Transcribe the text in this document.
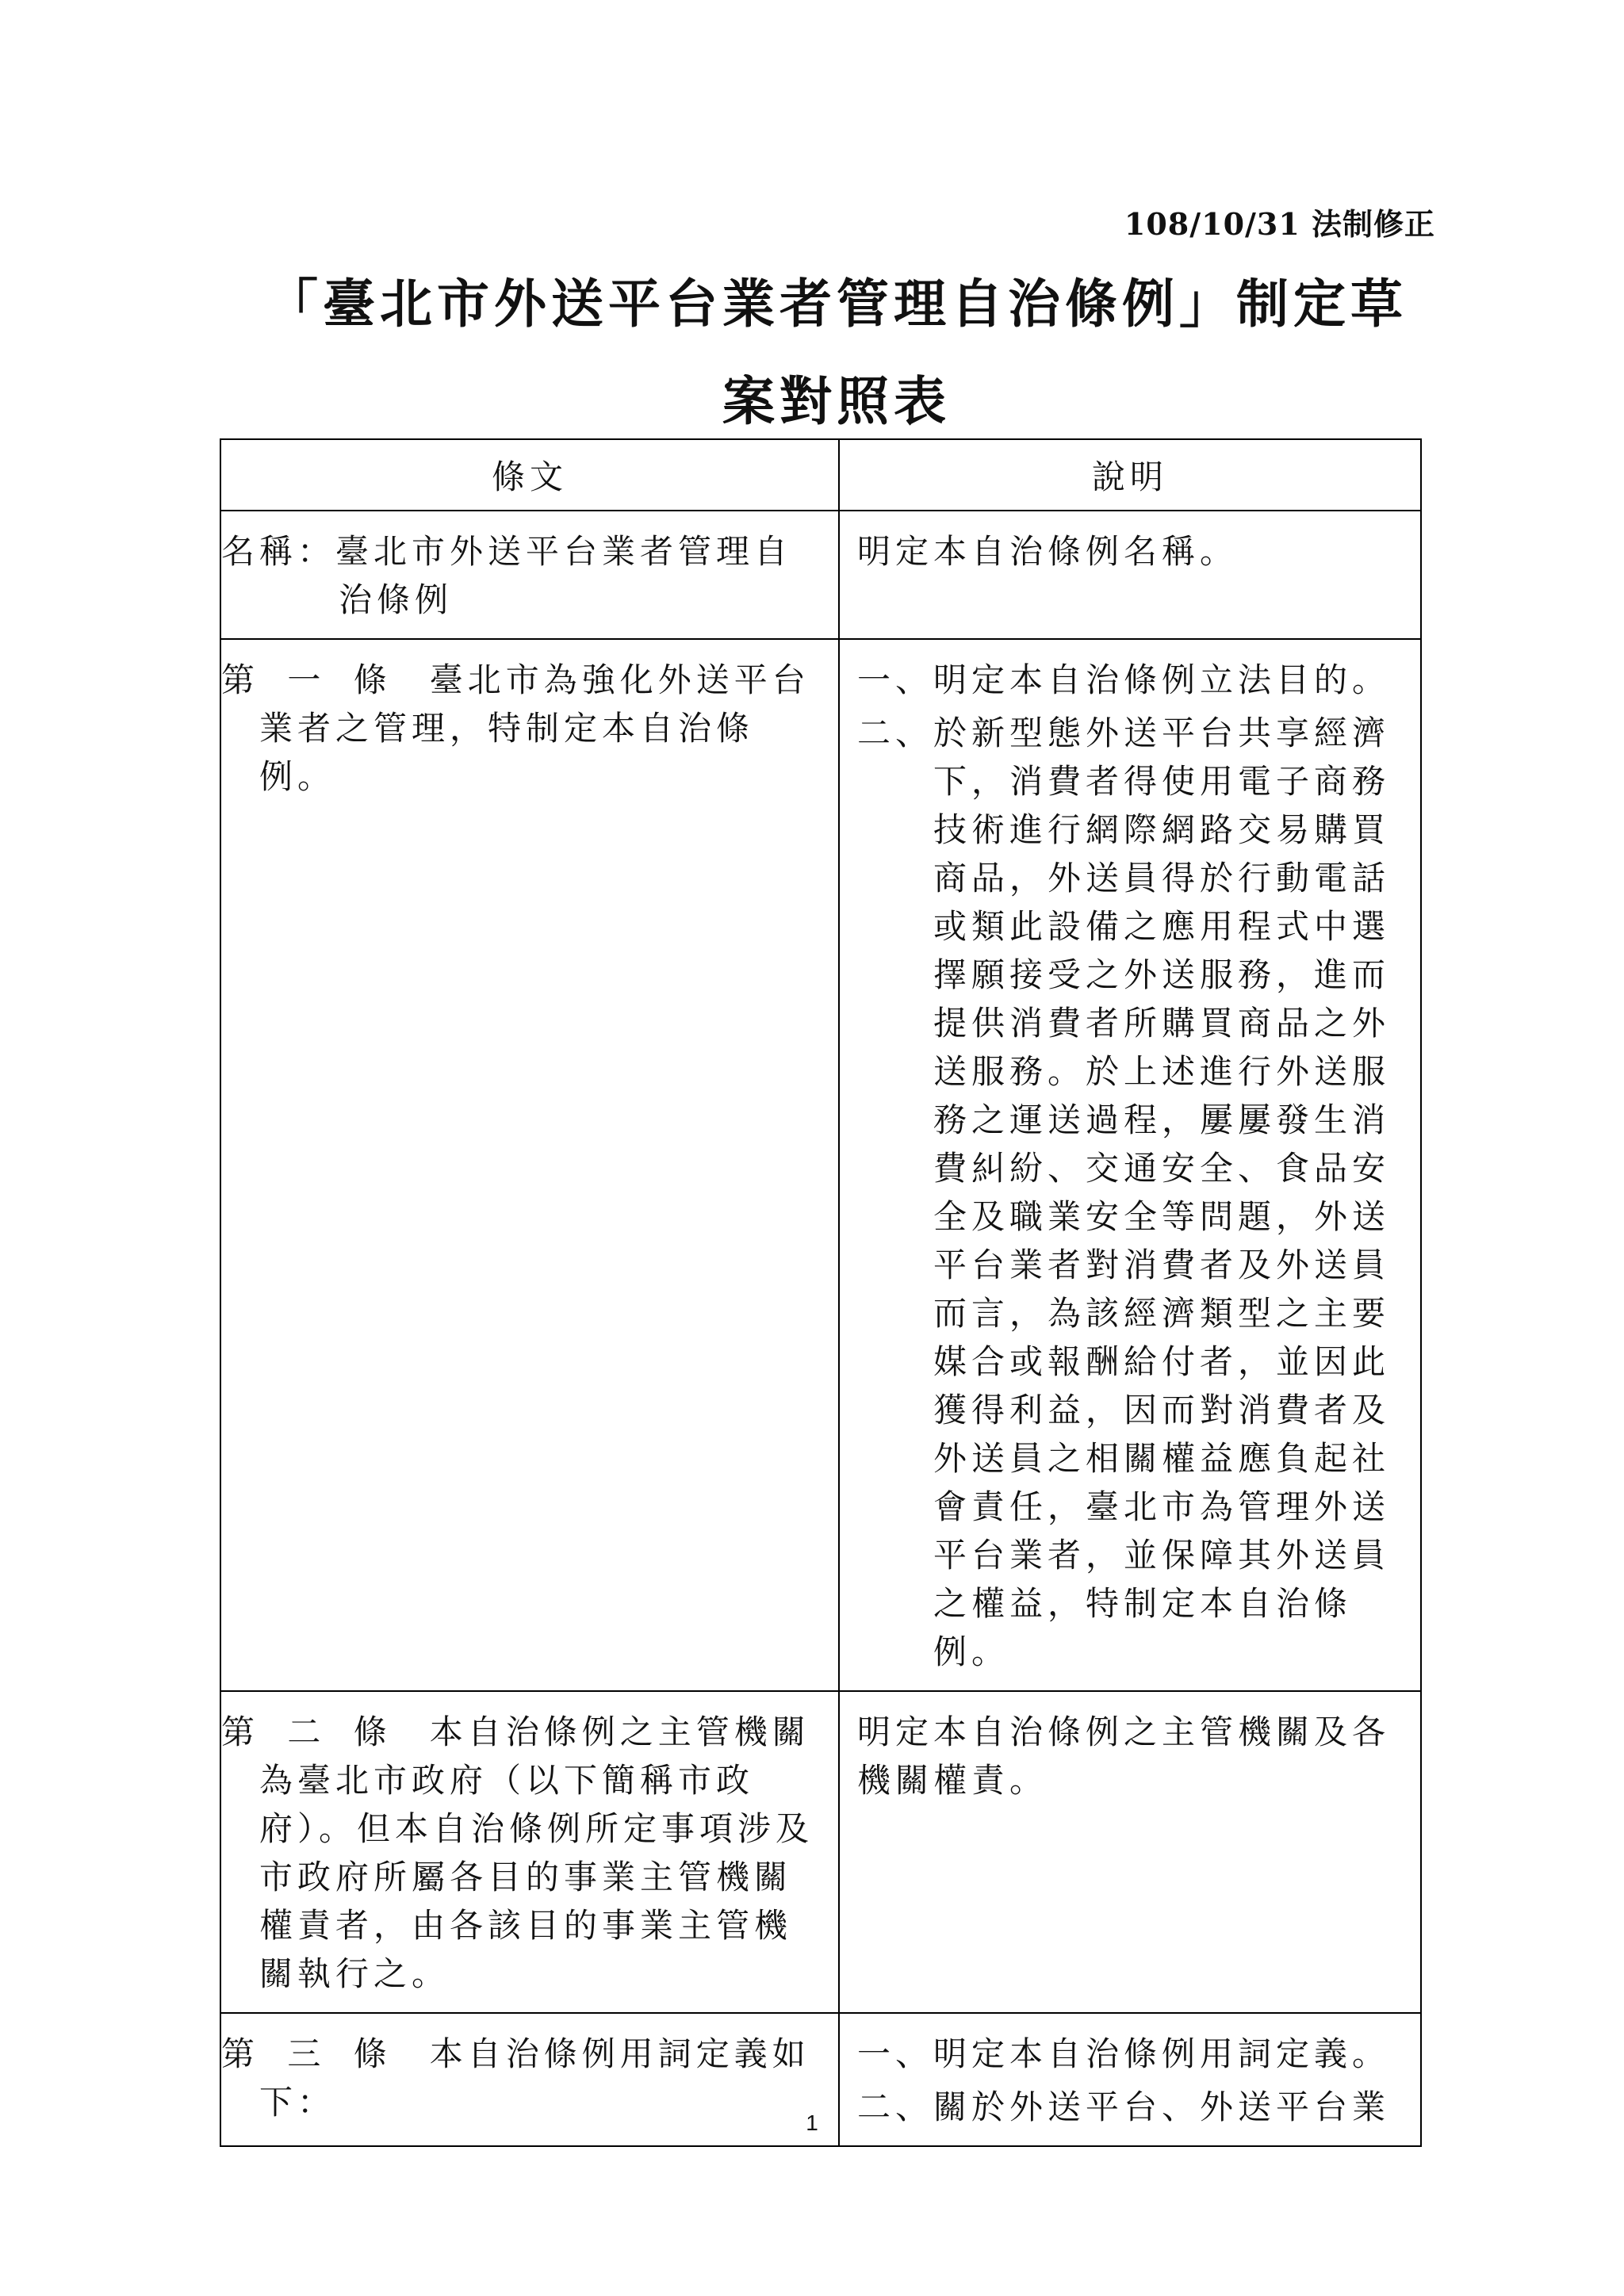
108/10/31 法制修正
「臺北市外送平台業者管理自治條例」制定草案對照表
條文	說明

名稱：臺北市外送平台業者管理自治條例	明定本自治條例名稱。

第 一 條 臺北市為強化外送平台業者之管理，特制定本自治條例。	一、明定本自治條例立法目的。
二、於新型態外送平台共享經濟下，消費者得使用電子商務技術進行網際網路交易購買商品，外送員得於行動電話或類此設備之應用程式中選擇願接受之外送服務，進而提供消費者所購買商品之外送服務。於上述進行外送服務之運送過程，屢屢發生消費糾紛、交通安全、食品安全及職業安全等問題，外送平台業者對消費者及外送員而言，為該經濟類型之主要媒合或報酬給付者，並因此獲得利益，因而對消費者及外送員之相關權益應負起社會責任，臺北市為管理外送平台業者，並保障其外送員之權益，特制定本自治條例。

第 二 條 本自治條例之主管機關為臺北市政府（以下簡稱市政府）。但本自治條例所定事項涉及市政府所屬各目的事業主管機關權責者，由各該目的事業主管機關執行之。	明定本自治條例之主管機關及各機關權責。

第 三 條 本自治條例用詞定義如下：	一、明定本自治條例用詞定義。
二、關於外送平台、外送平台業
1
